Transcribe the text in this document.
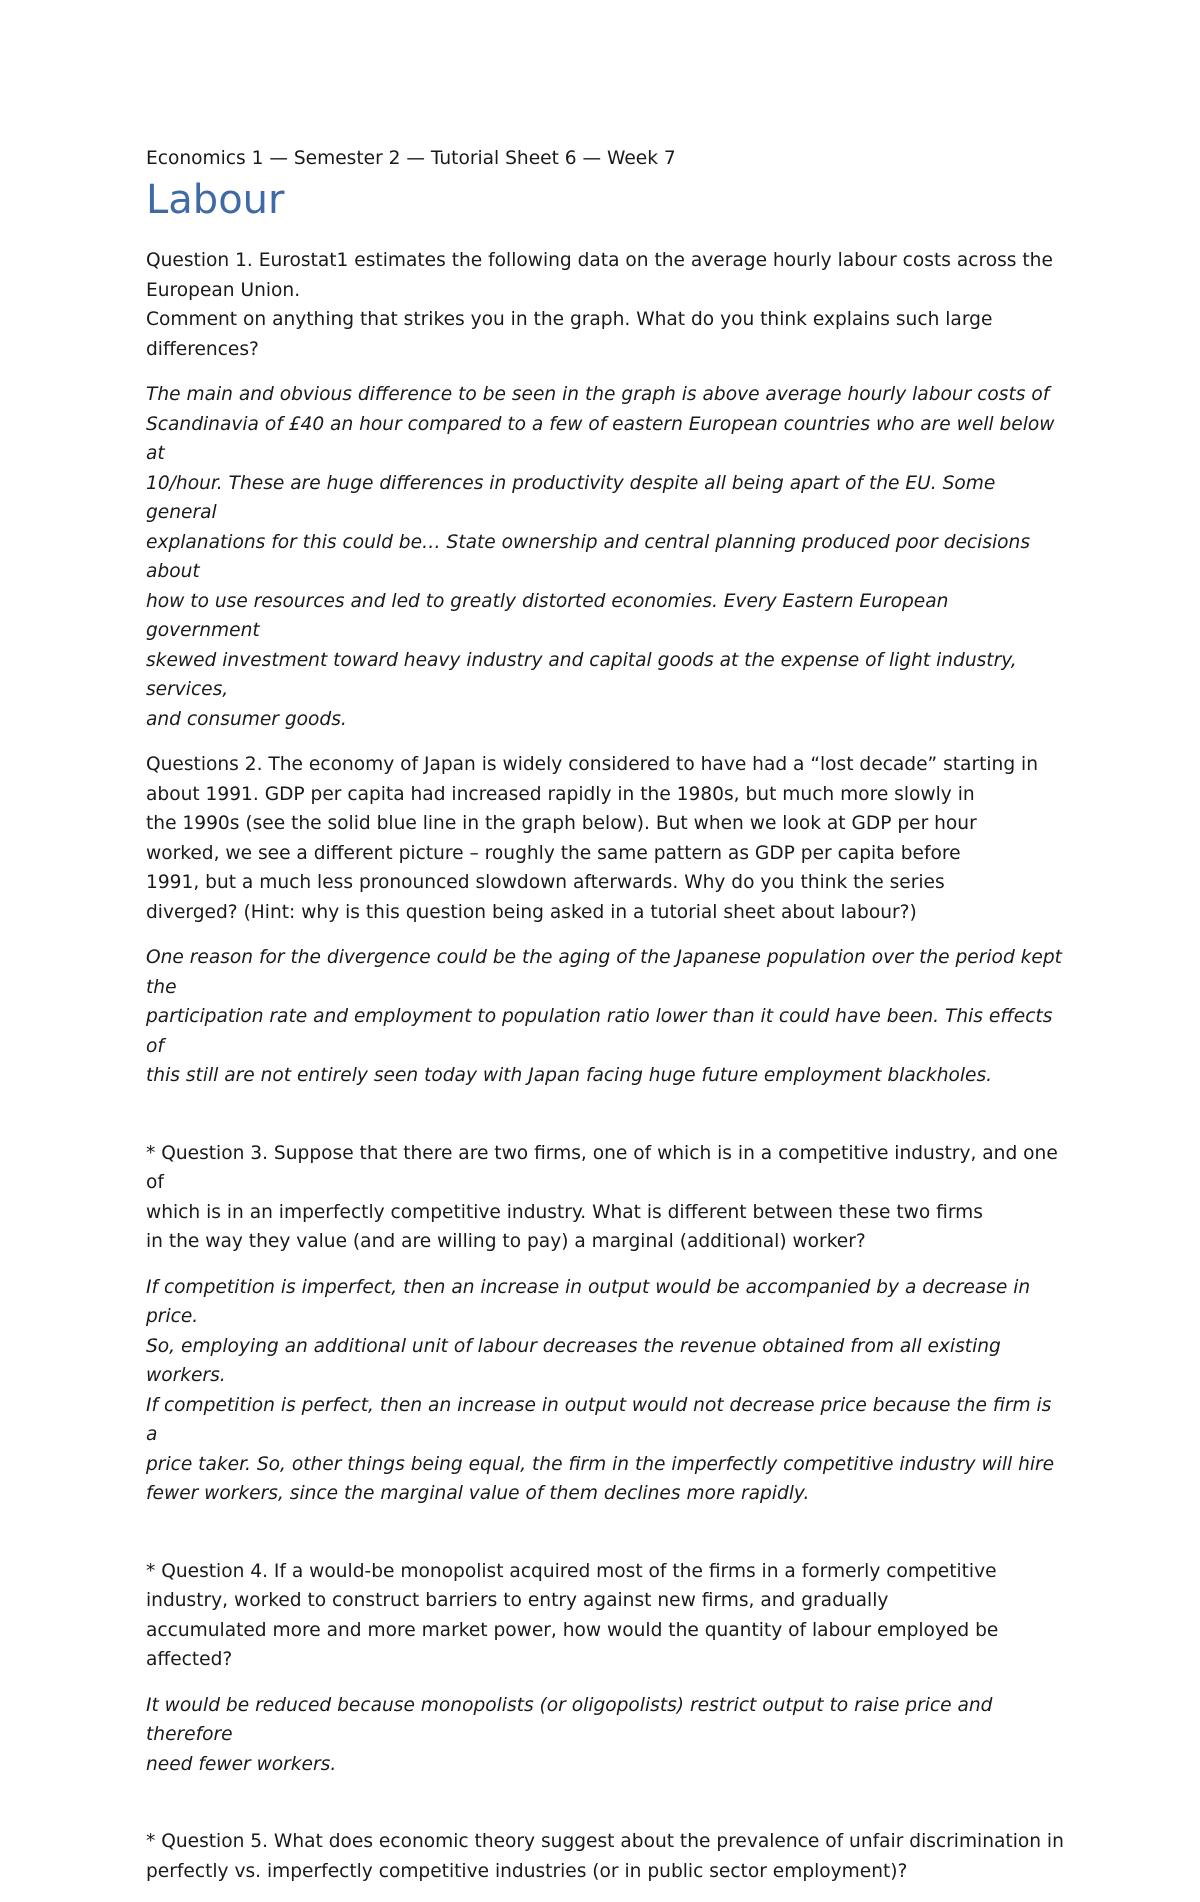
Economics 1 — Semester 2 — Tutorial Sheet 6 — Week 7

Labour
Question 1. Eurostat1 estimates the following data on the average hourly labour costs across the
European Union.
Comment on anything that strikes you in the graph. What do you think explains such large
differences?
The main and obvious difference to be seen in the graph is above average hourly labour costs of
Scandinavia of £40 an hour compared to a few of eastern European countries who are well below at
10/hour. These are huge differences in productivity despite all being apart of the EU. Some general
explanations for this could be… State ownership and central planning produced poor decisions about
how to use resources and led to greatly distorted economies. Every Eastern European government
skewed investment toward heavy industry and capital goods at the expense of light industry, services,
and consumer goods.
Questions 2. The economy of Japan is widely considered to have had a “lost decade” starting in
about 1991. GDP per capita had increased rapidly in the 1980s, but much more slowly in
the 1990s (see the solid blue line in the graph below). But when we look at GDP per hour
worked, we see a different picture – roughly the same pattern as GDP per capita before
1991, but a much less pronounced slowdown afterwards. Why do you think the series
diverged? (Hint: why is this question being asked in a tutorial sheet about labour?)
One reason for the divergence could be the aging of the Japanese population over the period kept the
participation rate and employment to population ratio lower than it could have been. This effects of
this still are not entirely seen today with Japan facing huge future employment blackholes.
* Question 3. Suppose that there are two firms, one of which is in a competitive industry, and one of
which is in an imperfectly competitive industry. What is different between these two firms
in the way they value (and are willing to pay) a marginal (additional) worker?
If competition is imperfect, then an increase in output would be accompanied by a decrease in price.
So, employing an additional unit of labour decreases the revenue obtained from all existing workers.
If competition is perfect, then an increase in output would not decrease price because the firm is a
price taker. So, other things being equal, the firm in the imperfectly competitive industry will hire
fewer workers, since the marginal value of them declines more rapidly.
* Question 4. If a would-be monopolist acquired most of the firms in a formerly competitive
industry, worked to construct barriers to entry against new firms, and gradually
accumulated more and more market power, how would the quantity of labour employed be
affected?
It would be reduced because monopolists (or oligopolists) restrict output to raise price and therefore
need fewer workers.
* Question 5. What does economic theory suggest about the prevalence of unfair discrimination in
perfectly vs. imperfectly competitive industries (or in public sector employment)?
